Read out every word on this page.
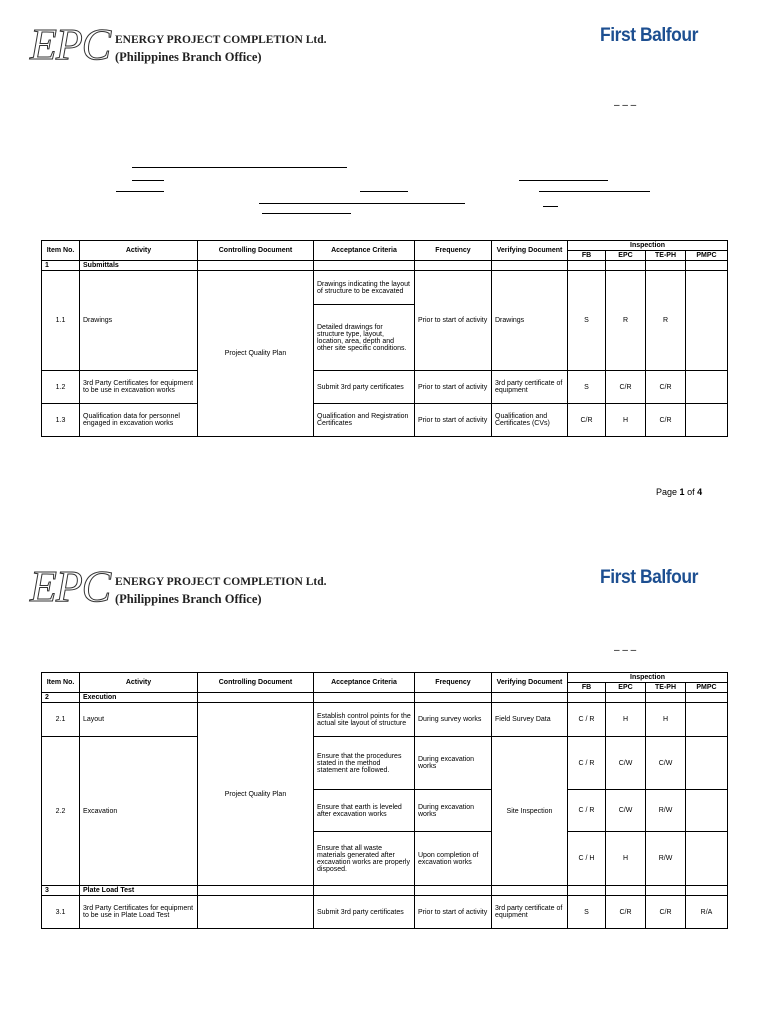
EPC ENERGY PROJECT COMPLETION Ltd.
(Philippines Branch Office)
First Balfour
– – –
Item No.	Activity	Controlling Document	Acceptance Criteria	Frequency	Verifying Document	Inspection			
						FB	EPC	TE-PH	PMPC
1	Submittals								
1.1	Drawings	Project Quality Plan	Drawings indicating the layout of structure to be excavated	Prior to start of activity	Drawings	S	R	R	
			Detailed drawings for structure type, layout, location, area, depth and other site specific conditions.						
1.2	3rd Party Certificates for equipment to be use in excavation works		Submit 3rd party certificates	Prior to start of activity	3rd party certificate of equipment	S	C/R	C/R	
1.3	Qualification data for personnel engaged in excavation works		Qualification and Registration Certificates	Prior to start of activity	Qualification and Certificates (CVs)	C/R	H	C/R	
Page 1 of 4
EPC ENERGY PROJECT COMPLETION Ltd.
(Philippines Branch Office)
First Balfour
– – –
Item No.	Activity	Controlling Document	Acceptance Criteria	Frequency	Verifying Document	Inspection			
						FB	EPC	TE-PH	PMPC
2	Execution								
2.1	Layout	Project Quality Plan	Establish control points for the actual site layout of structure	During survey works	Field Survey Data	C / R	H	H	
2.2	Excavation		Ensure that the procedures stated in the method statement are followed.	During excavation works	Site Inspection	C / R	C/W	C/W	
			Ensure that earth is leveled after excavation works	During excavation works		C / R	C/W	R/W	
			Ensure that all waste materials generated after excavation works are properly disposed.	Upon completion of excavation works		C / H	H	R/W	
3	Plate Load Test								
3.1	3rd Party Certificates for equipment to be use in Plate Load Test		Submit 3rd party certificates	Prior to start of activity	3rd party certificate of equipment	S	C/R	C/R	R/A
